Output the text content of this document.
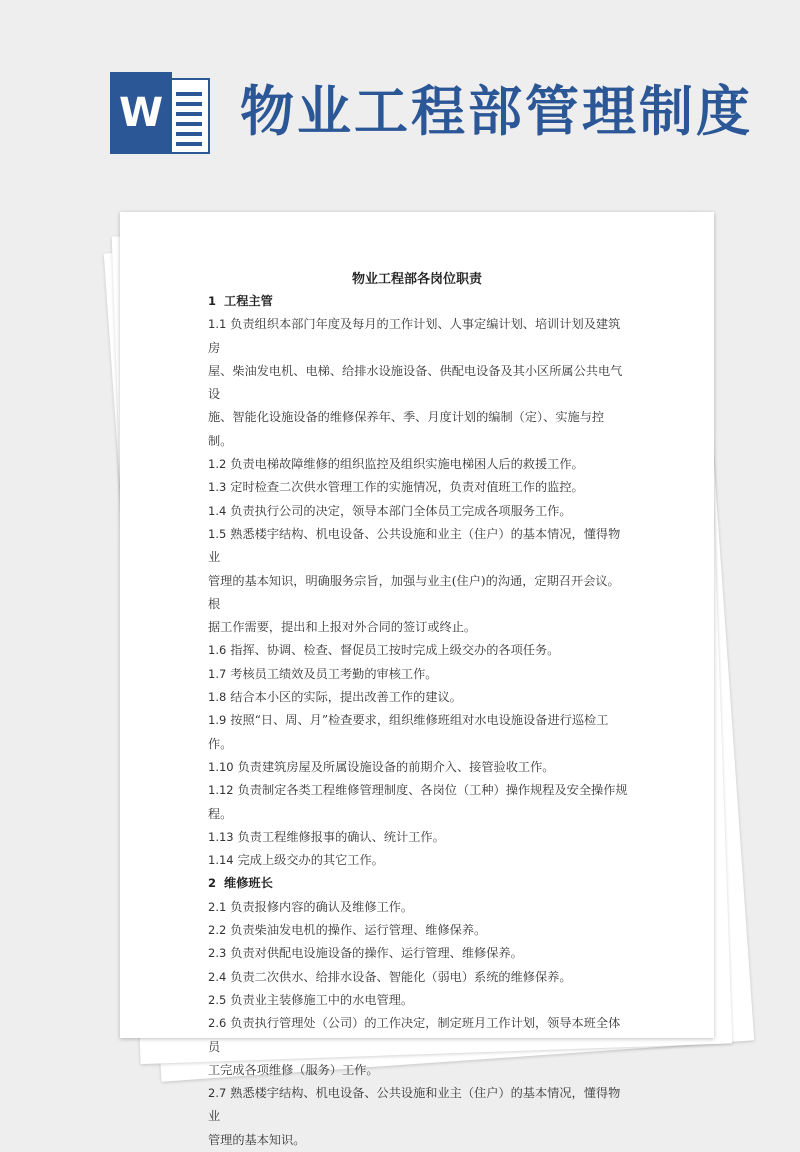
W 物业工程部管理制度
物业工程部各岗位职责

1 工程主管

1.1 负责组织本部门年度及每月的工作计划、人事定编计划、培训计划及建筑房

屋、柴油发电机、电梯、给排水设施设备、供配电设备及其小区所属公共电气设

施、智能化设施设备的维修保养年、季、月度计划的编制（定）、实施与控制。

1.2 负责电梯故障维修的组织监控及组织实施电梯困人后的救援工作。

1.3 定时检查二次供水管理工作的实施情况，负责对值班工作的监控。

1.4 负责执行公司的决定，领导本部门全体员工完成各项服务工作。

1.5 熟悉楼宇结构、机电设备、公共设施和业主（住户）的基本情况，懂得物业

管理的基本知识，明确服务宗旨，加强与业主(住户)的沟通，定期召开会议。根

据工作需要，提出和上报对外合同的签订或终止。

1.6 指挥、协调、检查、督促员工按时完成上级交办的各项任务。

1.7 考核员工绩效及员工考勤的审核工作。

1.8 结合本小区的实际，提出改善工作的建议。

1.9 按照“日、周、月”检查要求，组织维修班组对水电设施设备进行巡检工作。

1.10 负责建筑房屋及所属设施设备的前期介入、接管验收工作。

1.12 负责制定各类工程维修管理制度、各岗位（工种）操作规程及安全操作规

程。

1.13 负责工程维修报事的确认、统计工作。

1.14 完成上级交办的其它工作。

2 维修班长

2.1 负责报修内容的确认及维修工作。

2.2 负责柴油发电机的操作、运行管理、维修保养。

2.3 负责对供配电设施设备的操作、运行管理、维修保养。

2.4 负责二次供水、给排水设备、智能化（弱电）系统的维修保养。

2.5 负责业主装修施工中的水电管理。

2.6 负责执行管理处（公司）的工作决定，制定班月工作计划，领导本班全体员

工完成各项维修（服务）工作。

2.7 熟悉楼宇结构、机电设备、公共设施和业主（住户）的基本情况，懂得物业

管理的基本知识。
